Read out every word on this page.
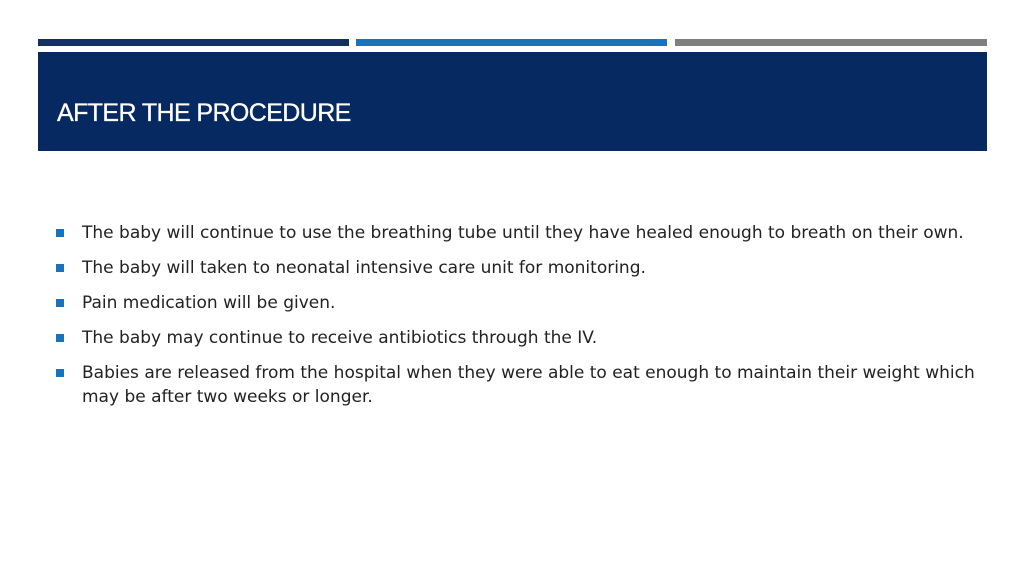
AFTER THE PROCEDURE
The baby will continue to use the breathing tube until they have healed enough to breath on their own.
The baby will taken to neonatal intensive care unit for monitoring.
Pain medication will be given.
The baby may continue to receive antibiotics through the IV.
Babies are released from the hospital when they were able to eat enough to maintain their weight which may be after two weeks or longer.
